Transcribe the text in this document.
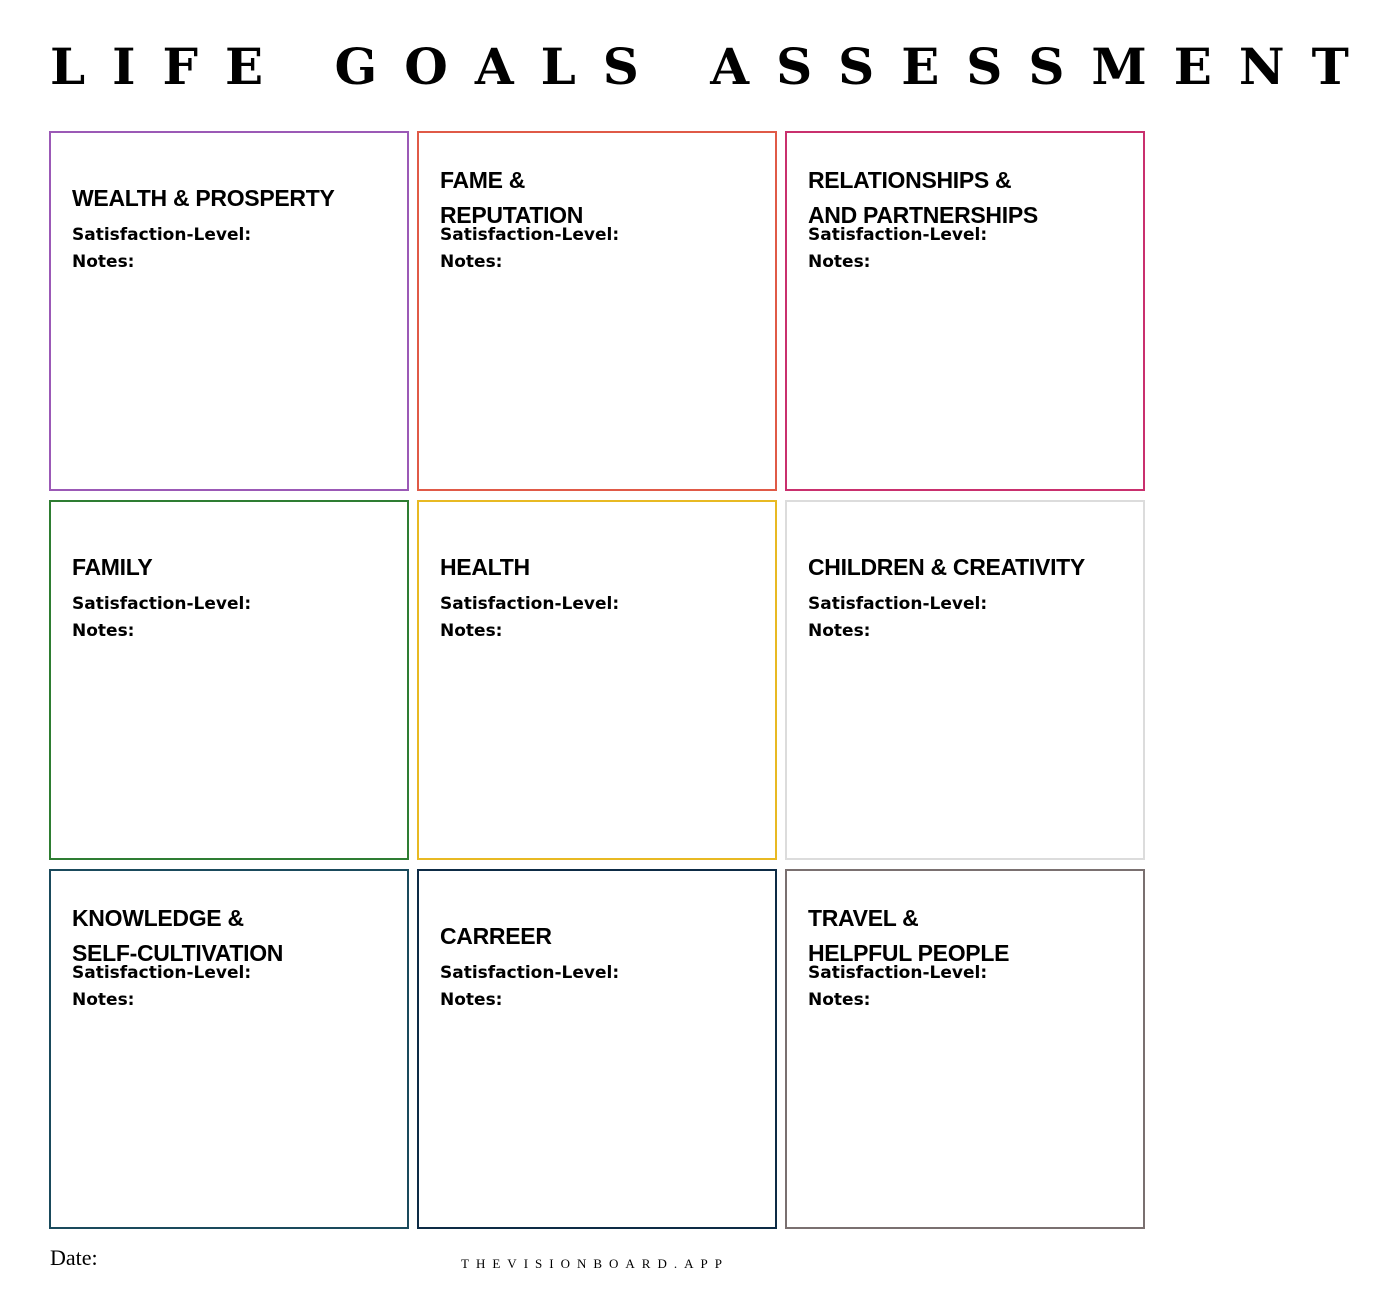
LIFE GOALS ASSESSMENT
WEALTH & PROSPERTY
Satisfaction-Level:
Notes:
FAME &
REPUTATION
Satisfaction-Level:
Notes:
RELATIONSHIPS &
AND PARTNERSHIPS
Satisfaction-Level:
Notes:
FAMILY
Satisfaction-Level:
Notes:
HEALTH
Satisfaction-Level:
Notes:
CHILDREN & CREATIVITY
Satisfaction-Level:
Notes:
KNOWLEDGE &
SELF-CULTIVATION
Satisfaction-Level:
Notes:
CARREER
Satisfaction-Level:
Notes:
TRAVEL &
HELPFUL PEOPLE
Satisfaction-Level:
Notes:
Date:	THEVISIONBOARD.APP
